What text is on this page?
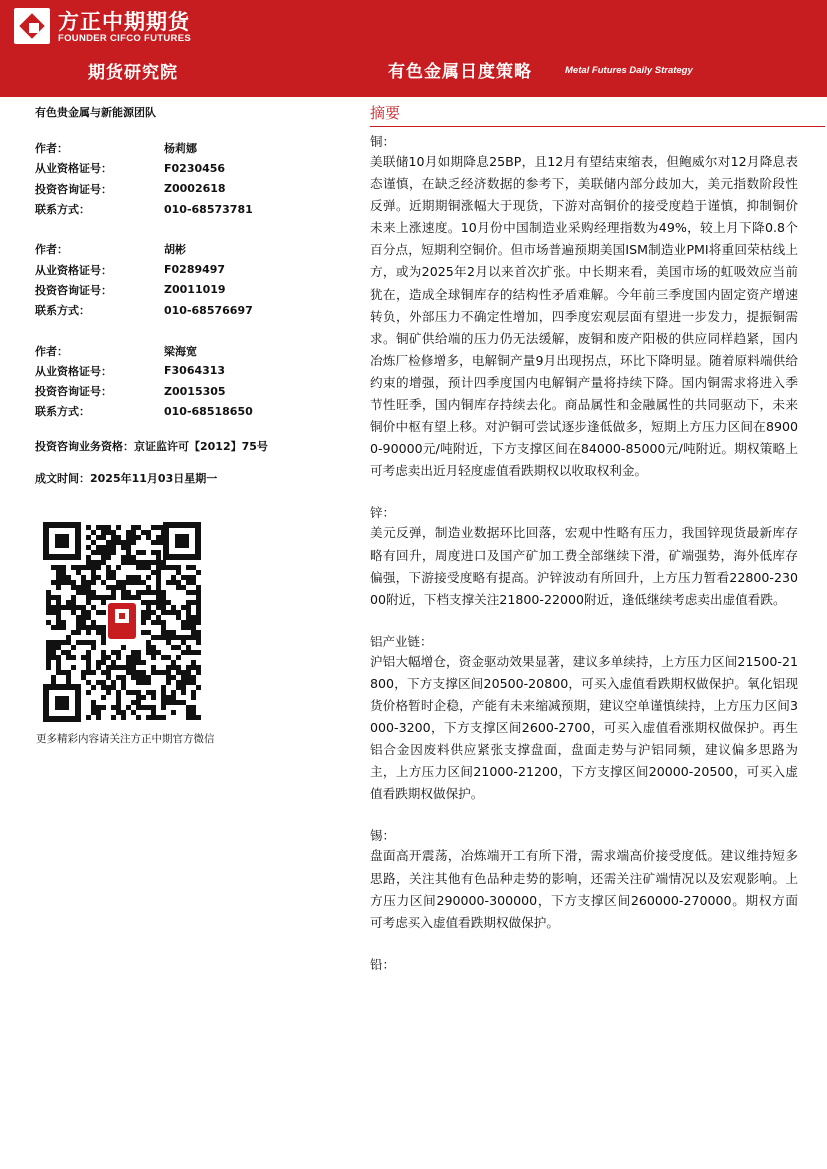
方正中期期货
FOUNDER CIFCO FUTURES
期货研究院	有色金属日度策略	Metal Futures Daily Strategy
有色贵金属与新能源团队
作者：	杨莉娜
从业资格证号：	F0230456
投资咨询证号：	Z0002618
联系方式：	010-68573781
作者：	胡彬
从业资格证号：	F0289497
投资咨询证号：	Z0011019
联系方式：	010-68576697
作者：	梁海宽
从业资格证号：	F3064313
投资咨询证号：	Z0015305
联系方式：	010-68518650
投资咨询业务资格：京证监许可【2012】75号
成文时间：2025年11月03日星期一
更多精彩内容请关注方正中期官方微信
摘要
铜：
美联储10月如期降息25BP，且12月有望结束缩表，但鲍威尔对12月降息表态谨慎，在缺乏经济数据的参考下，美联储内部分歧加大，美元指数阶段性反弹。近期期铜涨幅大于现货，下游对高铜价的接受度趋于谨慎，抑制铜价未来上涨速度。10月份中国制造业采购经理指数为49%，较上月下降0.8个百分点，短期利空铜价。但市场普遍预期美国ISM制造业PMI将重回荣枯线上方，或为2025年2月以来首次扩张。中长期来看，美国市场的虹吸效应当前犹在，造成全球铜库存的结构性矛盾难解。今年前三季度国内固定资产增速转负，外部压力不确定性增加，四季度宏观层面有望进一步发力，提振铜需求。铜矿供给端的压力仍无法缓解，废铜和废产阳极的供应同样趋紧，国内冶炼厂检修增多，电解铜产量9月出现拐点，环比下降明显。随着原料端供给约束的增强，预计四季度国内电解铜产量将持续下降。国内铜需求将进入季节性旺季，国内铜库存持续去化。商品属性和金融属性的共同驱动下，未来铜价中枢有望上移。对沪铜可尝试逐步逢低做多，短期上方压力区间在89000-90000元/吨附近，下方支撑区间在84000-85000元/吨附近。期权策略上可考虑卖出近月轻度虚值看跌期权以收取权利金。
锌：
美元反弹，制造业数据环比回落，宏观中性略有压力，我国锌现货最新库存略有回升，周度进口及国产矿加工费全部继续下滑，矿端强势，海外低库存偏强，下游接受度略有提高。沪锌波动有所回升，上方压力暂看22800-23000附近，下档支撑关注21800-22000附近，逢低继续考虑卖出虚值看跌。
铝产业链：
沪铝大幅增仓，资金驱动效果显著，建议多单续持，上方压力区间21500-21800，下方支撑区间20500-20800，可买入虚值看跌期权做保护。氧化铝现货价格暂时企稳，产能有未来缩减预期，建议空单谨慎续持，上方压力区间3000-3200，下方支撑区间2600-2700，可买入虚值看涨期权做保护。再生铝合金因废料供应紧张支撑盘面，盘面走势与沪铝同频，建议偏多思路为主，上方压力区间21000-21200，下方支撑区间20000-20500，可买入虚值看跌期权做保护。
锡：
盘面高开震荡，冶炼端开工有所下滑，需求端高价接受度低。建议维持短多思路，关注其他有色品种走势的影响，还需关注矿端情况以及宏观影响。上方压力区间290000-300000，下方支撑区间260000-270000。期权方面可考虑买入虚值看跌期权做保护。
铅：
